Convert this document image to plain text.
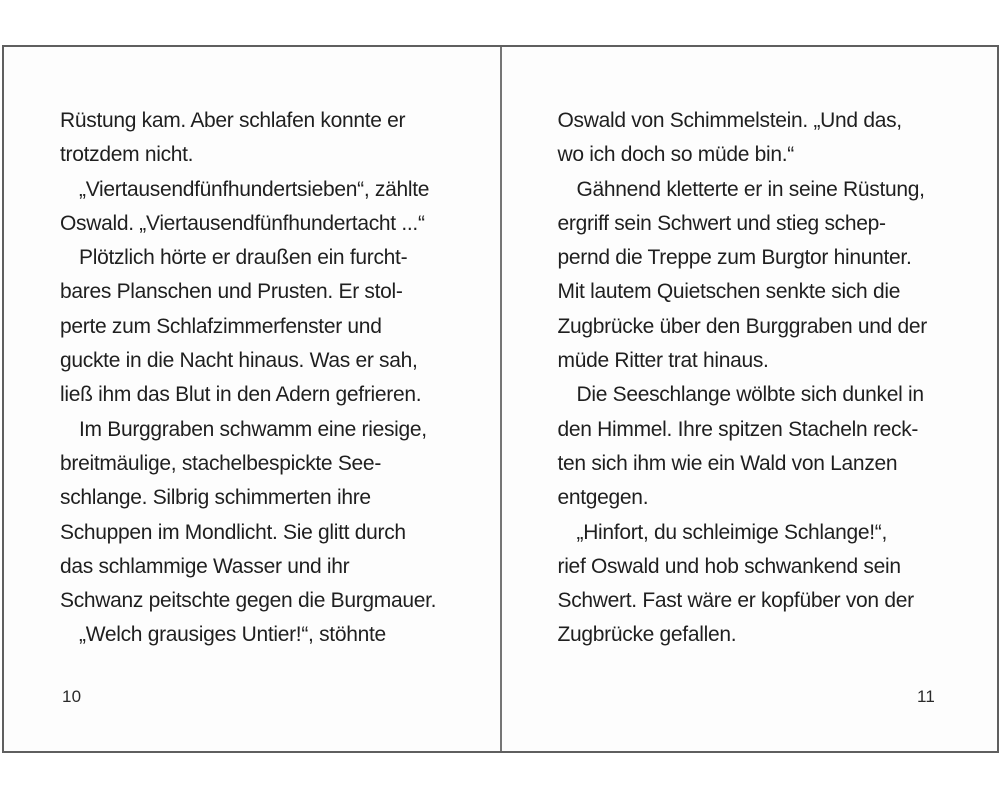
Rüstung kam. Aber schlafen konnte er
trotzdem nicht.
„Viertausendfünfhundertsieben“, zählte
Oswald. „Viertausendfünfhundertacht ...“
Plötzlich hörte er draußen ein furcht-
bares Planschen und Prusten. Er stol-
perte zum Schlafzimmerfenster und
guckte in die Nacht hinaus. Was er sah,
ließ ihm das Blut in den Adern gefrieren.
Im Burggraben schwamm eine riesige,
breitmäulige, stachelbespickte See-
schlange. Silbrig schimmerten ihre
Schuppen im Mondlicht. Sie glitt durch
das schlammige Wasser und ihr
Schwanz peitschte gegen die Burgmauer.
„Welch grausiges Untier!“, stöhnte
10
Oswald von Schimmelstein. „Und das,
wo ich doch so müde bin.“
Gähnend kletterte er in seine Rüstung,
ergriff sein Schwert und stieg schep-
pernd die Treppe zum Burgtor hinunter.
Mit lautem Quietschen senkte sich die
Zugbrücke über den Burggraben und der
müde Ritter trat hinaus.
Die Seeschlange wölbte sich dunkel in
den Himmel. Ihre spitzen Stacheln reck-
ten sich ihm wie ein Wald von Lanzen
entgegen.
„Hinfort, du schleimige Schlange!“,
rief Oswald und hob schwankend sein
Schwert. Fast wäre er kopfüber von der
Zugbrücke gefallen.
11
